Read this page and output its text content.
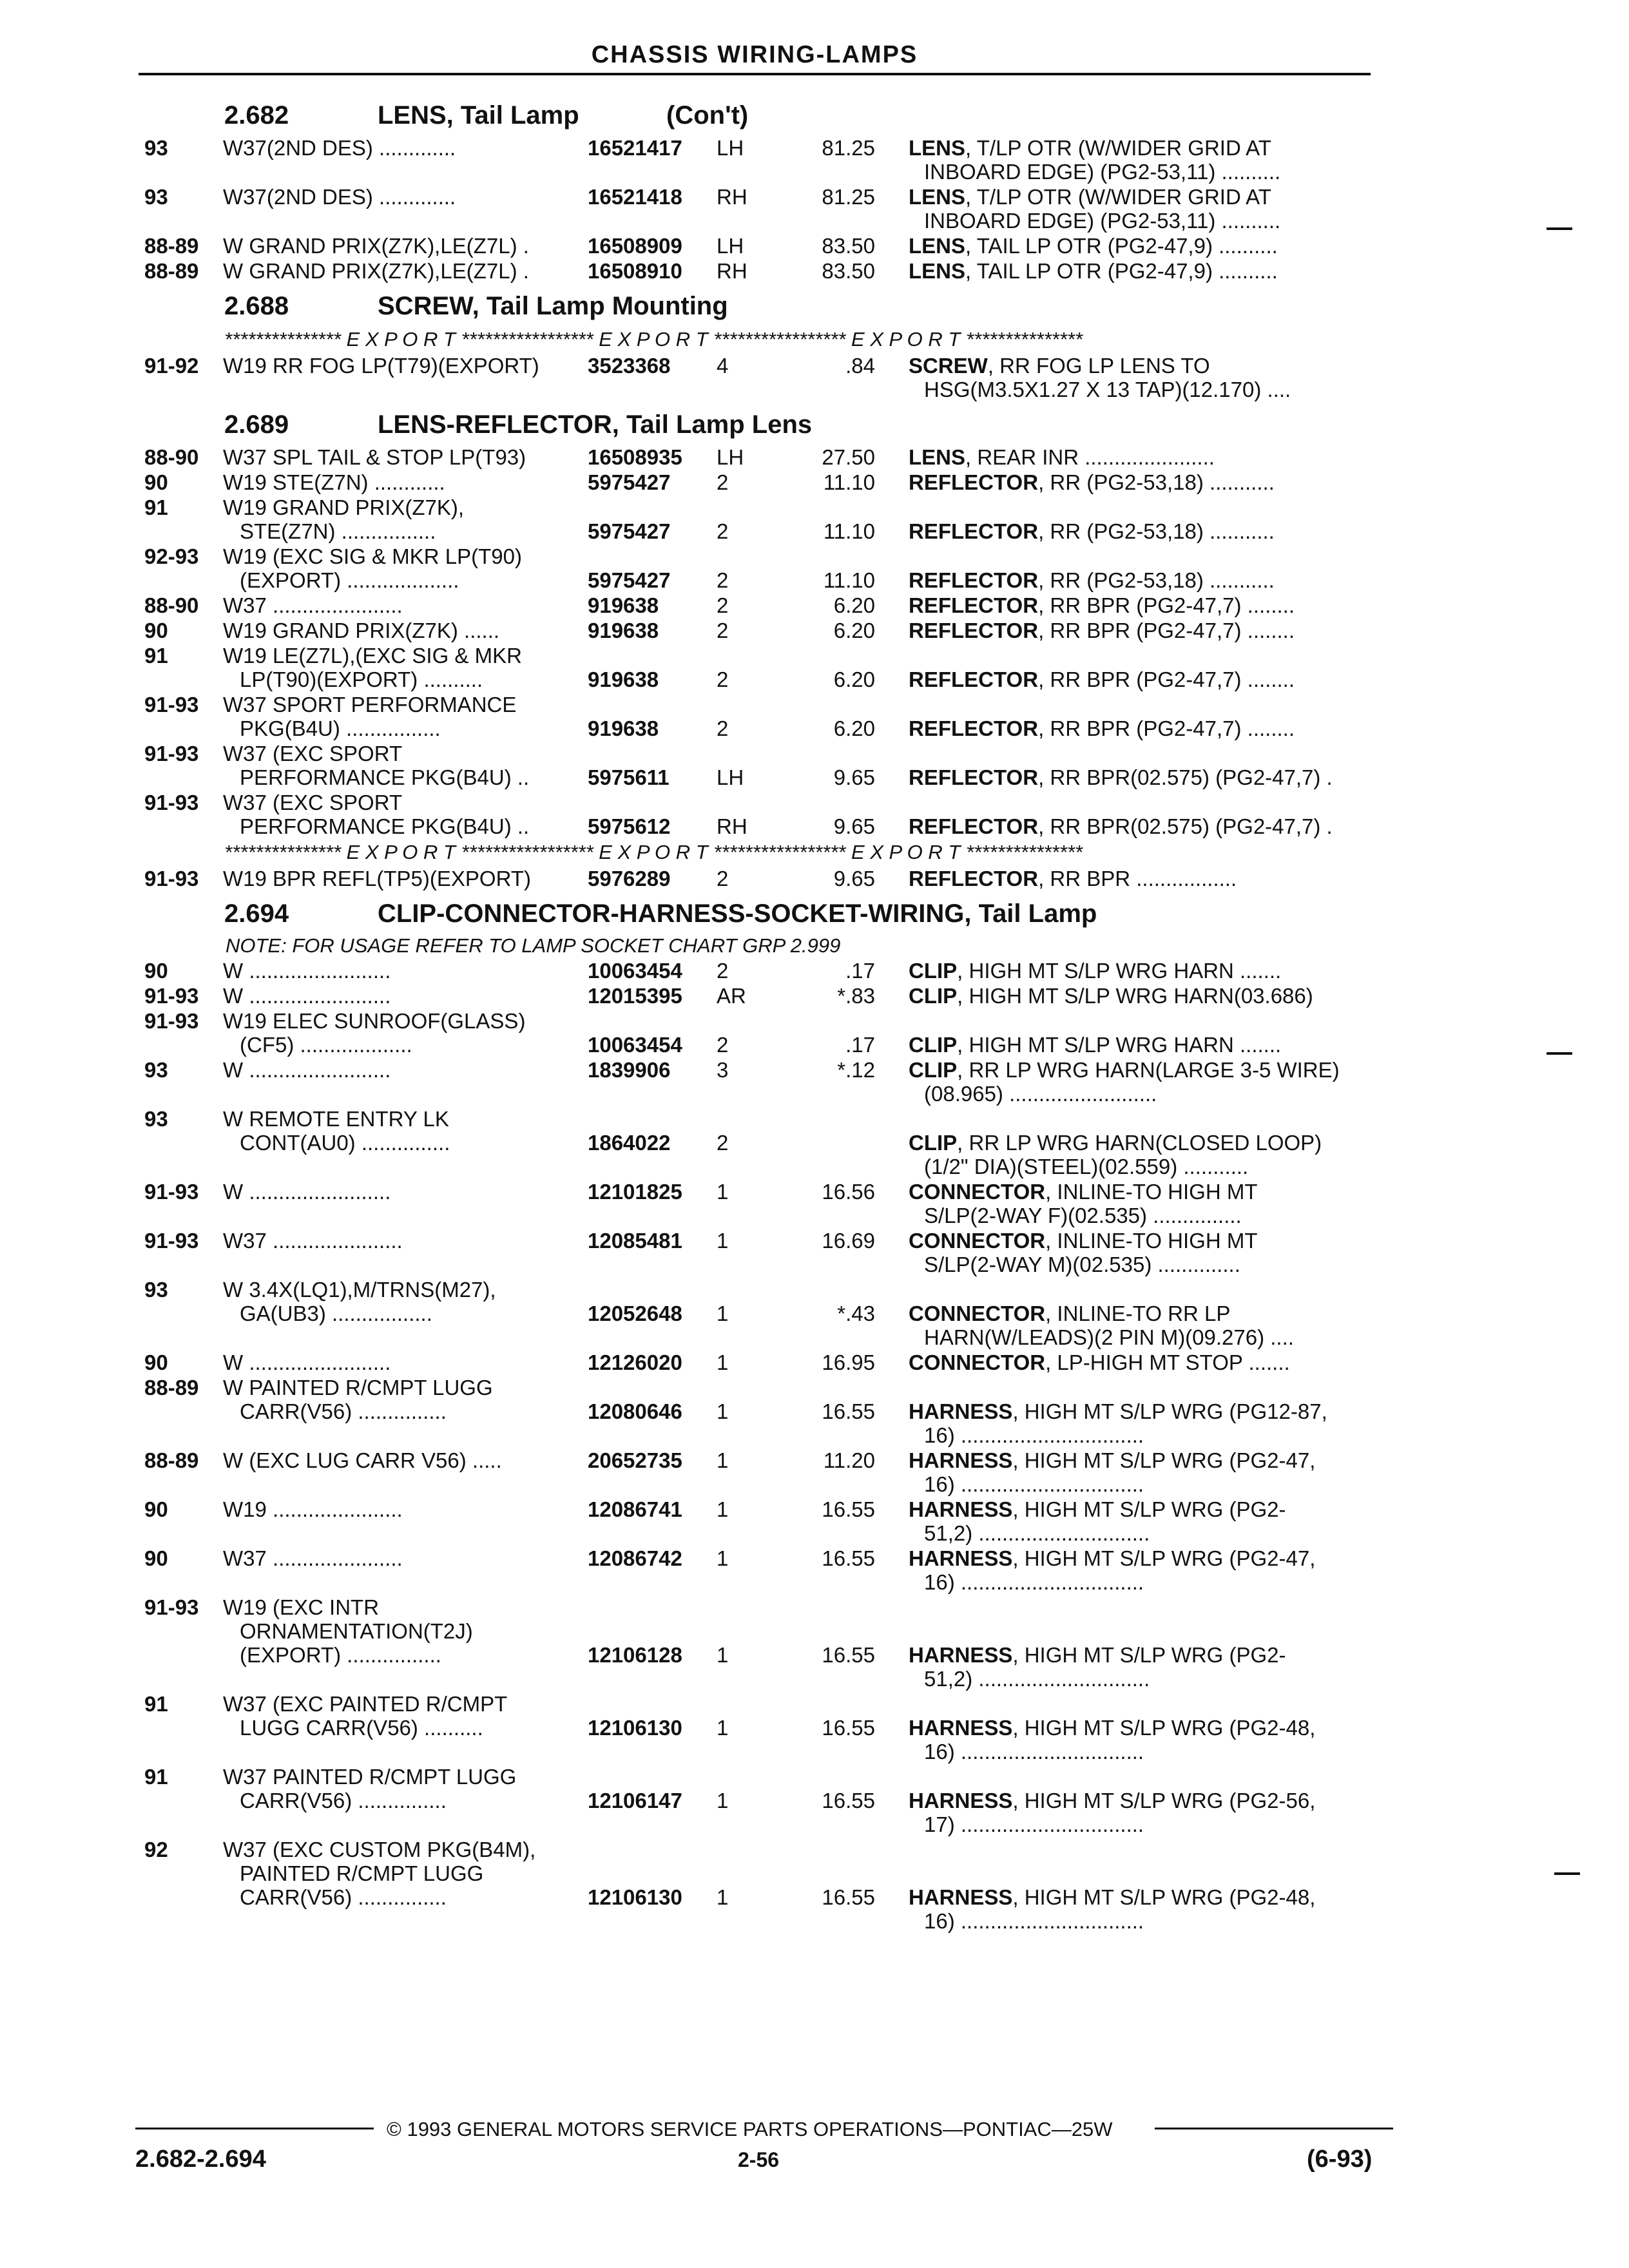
CHASSIS WIRING-LAMPS
2.682	LENS, Tail Lamp	(Con't)
93	W37(2ND DES) .............	16521417 LH	81.25 LENS, T/LP OTR (W/WIDER GRID AT
INBOARD EDGE) (PG2-53,11) ..........
93	W37(2ND DES) .............	16521418 RH	81.25 LENS, T/LP OTR (W/WIDER GRID AT
INBOARD EDGE) (PG2-53,11) ..........
88-89 W GRAND PRIX(Z7K),LE(Z7L) .	16508909 LH	83.50 LENS, TAIL LP OTR (PG2-47,9) ..........
88-89 W GRAND PRIX(Z7K),LE(Z7L) .	16508910 RH	83.50 LENS, TAIL LP OTR (PG2-47,9) ..........
2.688	SCREW, Tail Lamp Mounting
*************** E X P O R T ***************** E X P O R T ***************** E X P O R T ***************
91-92 W19 RR FOG LP(T79)(EXPORT)	3523368 4	.84 SCREW, RR FOG LP LENS TO
HSG(M3.5X1.27 X 13 TAP)(12.170) ....
2.689	LENS-REFLECTOR, Tail Lamp Lens
88-90 W37 SPL TAIL & STOP LP(T93)	16508935 LH	27.50 LENS, REAR INR ......................
90	W19 STE(Z7N) ............	5975427 2	11.10 REFLECTOR, RR (PG2-53,18) ...........
91	W19 GRAND PRIX(Z7K),
STE(Z7N) ................	5975427 2	11.10 REFLECTOR, RR (PG2-53,18) ...........
92-93 W19 (EXC SIG & MKR LP(T90)
(EXPORT) ...................	5975427 2	11.10 REFLECTOR, RR (PG2-53,18) ...........
88-90 W37 ......................	919638	2	6.20 REFLECTOR, RR BPR (PG2-47,7) ........
90	W19 GRAND PRIX(Z7K) ......	919638	2	6.20 REFLECTOR, RR BPR (PG2-47,7) ........
91	W19 LE(Z7L),(EXC SIG & MKR
LP(T90)(EXPORT) ..........	919638	2	6.20 REFLECTOR, RR BPR (PG2-47,7) ........
91-93 W37 SPORT PERFORMANCE
PKG(B4U) ................	919638	2	6.20 REFLECTOR, RR BPR (PG2-47,7) ........
91-93 W37 (EXC SPORT
PERFORMANCE PKG(B4U) ..	5975611 LH	9.65 REFLECTOR, RR BPR(02.575) (PG2-47,7) .
91-93 W37 (EXC SPORT
PERFORMANCE PKG(B4U) ..	5975612 RH	9.65 REFLECTOR, RR BPR(02.575) (PG2-47,7) .
*************** E X P O R T ***************** E X P O R T ***************** E X P O R T ***************
91-93 W19 BPR REFL(TP5)(EXPORT)	5976289 2	9.65 REFLECTOR, RR BPR .................
2.694	CLIP-CONNECTOR-HARNESS-SOCKET-WIRING, Tail Lamp
NOTE: FOR USAGE REFER TO LAMP SOCKET CHART GRP 2.999
90	W ........................	10063454 2	.17 CLIP, HIGH MT S/LP WRG HARN .......
91-93 W ........................	12015395 AR	*.83 CLIP, HIGH MT S/LP WRG HARN(03.686)
91-93 W19 ELEC SUNROOF(GLASS)
(CF5) ...................	10063454 2	.17 CLIP, HIGH MT S/LP WRG HARN .......
93	W ........................	1839906 3	*.12 CLIP, RR LP WRG HARN(LARGE 3-5 WIRE)
(08.965) .........................
93	W REMOTE ENTRY LK
CONT(AU0) ...............	1864022 2	CLIP, RR LP WRG HARN(CLOSED LOOP)
(1/2" DIA)(STEEL)(02.559) ...........
91-93 W ........................	12101825 1	16.56 CONNECTOR, INLINE-TO HIGH MT
S/LP(2-WAY F)(02.535) ...............
91-93 W37 ......................	12085481 1	16.69 CONNECTOR, INLINE-TO HIGH MT
S/LP(2-WAY M)(02.535) ..............
93	W 3.4X(LQ1),M/TRNS(M27),
GA(UB3) .................	12052648 1	*.43 CONNECTOR, INLINE-TO RR LP
HARN(W/LEADS)(2 PIN M)(09.276) ....
90	W ........................	12126020 1	16.95 CONNECTOR, LP-HIGH MT STOP .......
88-89 W PAINTED R/CMPT LUGG
CARR(V56) ...............	12080646 1	16.55 HARNESS, HIGH MT S/LP WRG (PG12-87,
16) ...............................
88-89 W (EXC LUG CARR V56) .....	20652735 1	11.20 HARNESS, HIGH MT S/LP WRG (PG2-47,
16) ...............................
90	W19 ......................	12086741 1	16.55 HARNESS, HIGH MT S/LP WRG (PG2-
51,2) .............................
90	W37 ......................	12086742 1	16.55 HARNESS, HIGH MT S/LP WRG (PG2-47,
16) ...............................
91-93 W19 (EXC INTR
ORNAMENTATION(T2J)
(EXPORT) ................	12106128 1	16.55 HARNESS, HIGH MT S/LP WRG (PG2-
51,2) .............................
91	W37 (EXC PAINTED R/CMPT
LUGG CARR(V56) ..........	12106130 1	16.55 HARNESS, HIGH MT S/LP WRG (PG2-48,
16) ...............................
91	W37 PAINTED R/CMPT LUGG
CARR(V56) ...............	12106147 1	16.55 HARNESS, HIGH MT S/LP WRG (PG2-56,
17) ...............................
92	W37 (EXC CUSTOM PKG(B4M),
PAINTED R/CMPT LUGG
CARR(V56) ...............	12106130 1	16.55 HARNESS, HIGH MT S/LP WRG (PG2-48,
16) ...............................
© 1993 GENERAL MOTORS SERVICE PARTS OPERATIONS—PONTIAC—25W
2.682-2.694	2-56	(6-93)
